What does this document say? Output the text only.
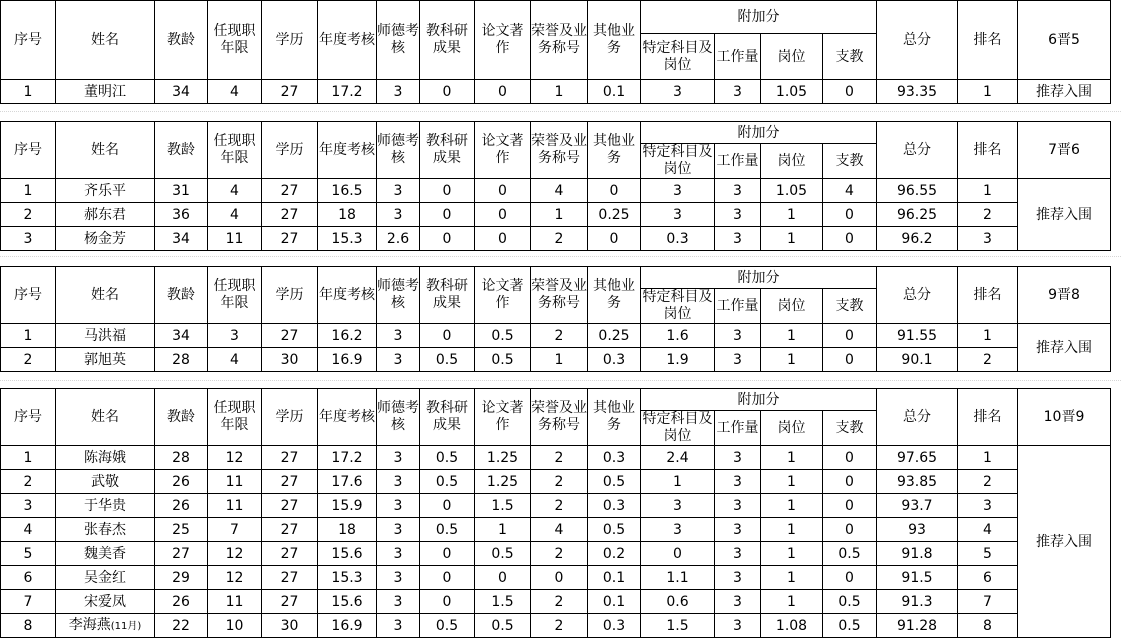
序号	姓名	教龄	任现职年限	学历	年度考核	师德考核	教科研成果	论文著作	荣誉及业务称号	其他业务	附加分				总分	排名	6晋5
											特定科目及岗位	工作量	岗位	支教			
1	董明江	34	4	27	17.2	3	0	0	1	0.1	3	3	1.05	0	93.35	1	推荐入围
序号	姓名	教龄	任现职年限	学历	年度考核	师德考核	教科研成果	论文著作	荣誉及业务称号	其他业务	附加分				总分	排名	7晋6
											特定科目及岗位	工作量	岗位	支教			
1	齐乐平	31	4	27	16.5	3	0	0	4	0	3	3	1.05	4	96.55	1	推荐入围
2	郝东君	36	4	27	18	3	0	0	1	0.25	3	3	1	0	96.25	2	
3	杨金芳	34	11	27	15.3	2.6	0	0	2	0	0.3	3	1	0	96.2	3	
序号	姓名	教龄	任现职年限	学历	年度考核	师德考核	教科研成果	论文著作	荣誉及业务称号	其他业务	附加分				总分	排名	9晋8
											特定科目及岗位	工作量	岗位	支教			
1	马洪福	34	3	27	16.2	3	0	0.5	2	0.25	1.6	3	1	0	91.55	1	推荐入围
2	郭旭英	28	4	30	16.9	3	0.5	0.5	1	0.3	1.9	3	1	0	90.1	2	
序号	姓名	教龄	任现职年限	学历	年度考核	师德考核	教科研成果	论文著作	荣誉及业务称号	其他业务	附加分				总分	排名	10晋9
											特定科目及岗位	工作量	岗位	支教			
1	陈海娥	28	12	27	17.2	3	0.5	1.25	2	0.3	2.4	3	1	0	97.65	1	推荐入围
2	武敬	26	11	27	17.6	3	0.5	1.25	2	0.5	1	3	1	0	93.85	2	
3	于华贵	26	11	27	15.9	3	0	1.5	2	0.3	3	3	1	0	93.7	3	
4	张春杰	25	7	27	18	3	0.5	1	4	0.5	3	3	1	0	93	4	
5	魏美香	27	12	27	15.6	3	0	0.5	2	0.2	0	3	1	0.5	91.8	5	
6	吴金红	29	12	27	15.3	3	0	0	0	0.1	1.1	3	1	0	91.5	6	
7	宋爱凤	26	11	27	15.6	3	0	1.5	2	0.1	0.6	3	1	0.5	91.3	7	
8	李海燕(11月)	22	10	30	16.9	3	0.5	0.5	2	0.3	1.5	3	1.08	0.5	91.28	8	
